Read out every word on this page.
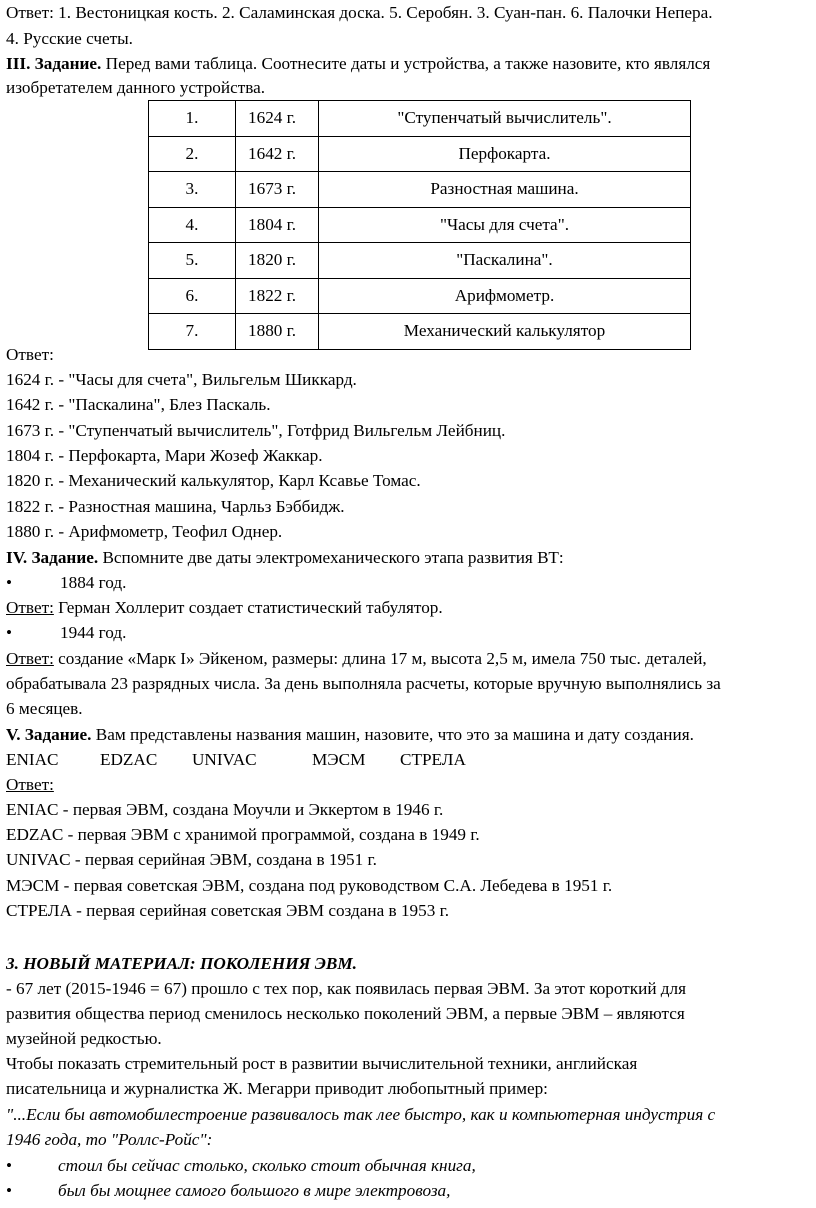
Ответ: 1. Вестоницкая кость. 2. Саламинская доска. 5. Серобян. 3. Суан-пан. 6. Палочки Непера.
4. Русские счеты.
III. Задание. Перед вами таблица. Соотнесите даты и устройства, а также назовите, кто являлся
изобретателем данного устройства.
1.	1624 г.	"Ступенчатый вычислитель".
2.	1642 г.	Перфокарта.
3.	1673 г.	Разностная машина.
4.	1804 г.	"Часы для счета".
5.	1820 г.	"Паскалина".
6.	1822 г.	Арифмометр.
7.	1880 г.	Механический калькулятор
Ответ:
1624 г. - "Часы для счета", Вильгельм Шиккард.
1642 г. - "Паскалина", Блез Паскаль.
1673 г. - "Ступенчатый вычислитель", Готфрид Вильгельм Лейбниц.
1804 г. - Перфокарта, Мари Жозеф Жаккар.
1820 г. - Механический калькулятор, Карл Ксавье Томас.
1822 г. - Разностная машина, Чарльз Бэббидж.
1880 г. - Арифмометр, Теофил Однер.
IV. Задание. Вспомните две даты электромеханического этапа развития ВТ:
•	1884 год.
Ответ: Герман Холлерит создает статистический табулятор.
•	1944 год.
Ответ: создание «Марк I» Эйкеном, размеры: длина 17 м, высота 2,5 м, имела 750 тыс. деталей,
обрабатывала 23 разрядных числа. За день выполняла расчеты, которые вручную выполнялись за
6 месяцев.
V. Задание. Вам представлены названия машин, назовите, что это за машина и дату создания.
ENIAC EDZAC UNIVAC	МЭСМ СТРЕЛА
Ответ:
ENIAC - первая ЭВМ, создана Моучли и Эккертом в 1946 г.
EDZAC - первая ЭВМ с хранимой программой, создана в 1949 г.
UNIVAC - первая серийная ЭВМ, создана в 1951 г.
МЭСМ - первая советская ЭВМ, создана под руководством С.А. Лебедева в 1951 г.
СТРЕЛА - первая серийная советская ЭВМ создана в 1953 г.
3. НОВЫЙ МАТЕРИАЛ: ПОКОЛЕНИЯ ЭВМ.
- 67 лет (2015-1946 = 67) прошло с тех пор, как появилась первая ЭВМ. За этот короткий для
развития общества период сменилось несколько поколений ЭВМ, а первые ЭВМ – являются
музейной редкостью.
Чтобы показать стремительный рост в развитии вычислительной техники, английская
писательница и журналистка Ж. Мегарри приводит любопытный пример:
"...Если бы автомобилестроение развивалось так лее быстро, как и компьютерная индустрия с
1946 года, то "Роллс-Ройс":
•	стоил бы сейчас столько, сколько стоит обычная книга,
•	был бы мощнее самого большого в мире электровоза,
